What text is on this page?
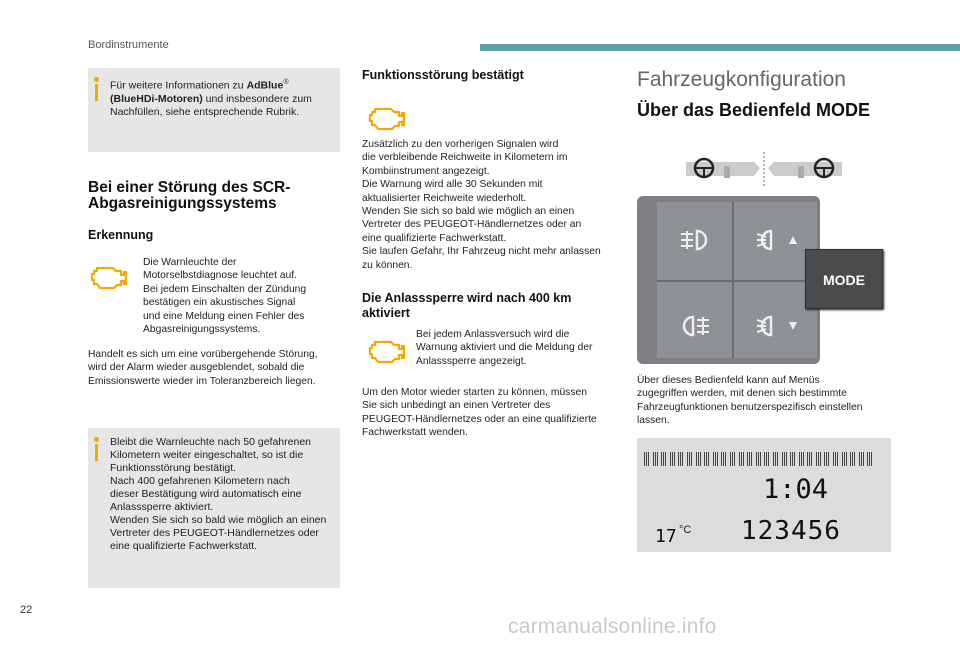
Bordinstrumente
Für weitere Informationen zu AdBlue®
(BlueHDi-Motoren) und insbesondere zum
Nachfüllen, siehe entsprechende Rubrik.
Bei einer Störung des SCR-
Abgasreinigungssystems
Erkennung
Die Warnleuchte der
Motorselbstdiagnose leuchtet auf.
Bei jedem Einschalten der Zündung
bestätigen ein akustisches Signal
und eine Meldung einen Fehler des
Abgasreinigungssystems.
Handelt es sich um eine vorübergehende Störung,
wird der Alarm wieder ausgeblendet, sobald die
Emissionswerte wieder im Toleranzbereich liegen.
Bleibt die Warnleuchte nach 50 gefahrenen
Kilometern weiter eingeschaltet, so ist die
Funktionsstörung bestätigt.
Nach 400 gefahrenen Kilometern nach
dieser Bestätigung wird automatisch eine
Anlasssperre aktiviert.
Wenden Sie sich so bald wie möglich an einen
Vertreter des PEUGEOT-Händlernetzes oder
eine qualifizierte Fachwerkstatt.
Funktionsstörung bestätigt
Zusätzlich zu den vorherigen Signalen wird
die verbleibende Reichweite in Kilometern im
Kombiinstrument angezeigt.
Die Warnung wird alle 30 Sekunden mit
aktualisierter Reichweite wiederholt.
Wenden Sie sich so bald wie möglich an einen
Vertreter des PEUGEOT-Händlernetzes oder an
eine qualifizierte Fachwerkstatt.
Sie laufen Gefahr, Ihr Fahrzeug nicht mehr anlassen
zu können.
Die Anlasssperre wird nach 400 km
aktiviert
Bei jedem Anlassversuch wird die
Warnung aktiviert und die Meldung der
Anlasssperre angezeigt.
Um den Motor wieder starten zu können, müssen
Sie sich unbedingt an einen Vertreter des
PEUGEOT-Händlernetzes oder an eine qualifizierte
Fachwerkstatt wenden.
Fahrzeugkonfiguration
Über das Bedienfeld MODE
MODE
Über dieses Bedienfeld kann auf Menüs
zugegriffen werden, mit denen sich bestimmte
Fahrzeugfunktionen benutzerspezifisch einstellen
lassen.
1:04
17 °C 123456
22
carmanualsonline.info
